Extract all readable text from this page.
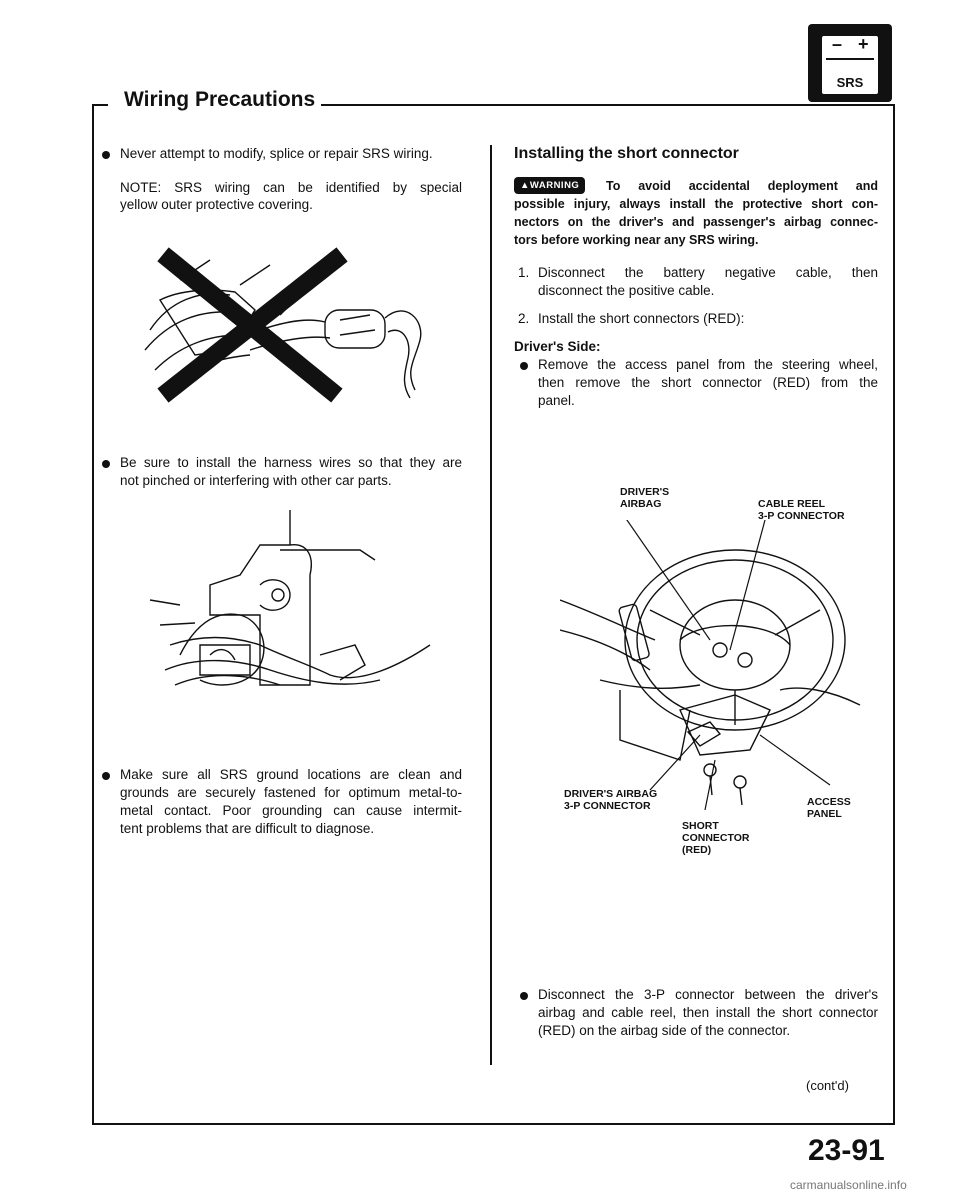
Wiring Precautions
– +
SRS

Never attempt to modify, splice or repair SRS wiring.

NOTE: SRS wiring can be identified by special

yellow outer protective covering.

Be sure to install the harness wires so that they are

not pinched or interfering with other car parts.

Make sure all SRS ground locations are clean and

grounds are securely fastened for optimum metal-to-

metal contact. Poor grounding can cause intermit-

tent problems that are difficult to diagnose.

Installing the short connector
▲WARNING	To avoid accidental deployment and

possible injury, always install the protective short con-

nectors on the driver's and passenger's airbag connec-

tors before working near any SRS wiring.

1. Disconnect the battery negative cable, then

disconnect the positive cable.

2. Install the short connectors (RED):

Driver's Side:

Remove the access panel from the steering wheel,

then remove the short connector (RED) from the

panel.

DRIVER'S
AIRBAG	CABLE REEL
3-P CONNECTOR
DRIVER'S AIRBAG
3-P CONNECTOR	ACCESS
PANEL
SHORT
CONNECTOR
(RED)

Disconnect the 3-P connector between the driver's

airbag and cable reel, then install the short connector

(RED) on the airbag side of the connector.

(cont'd)

23-91
carmanualsonline.info
